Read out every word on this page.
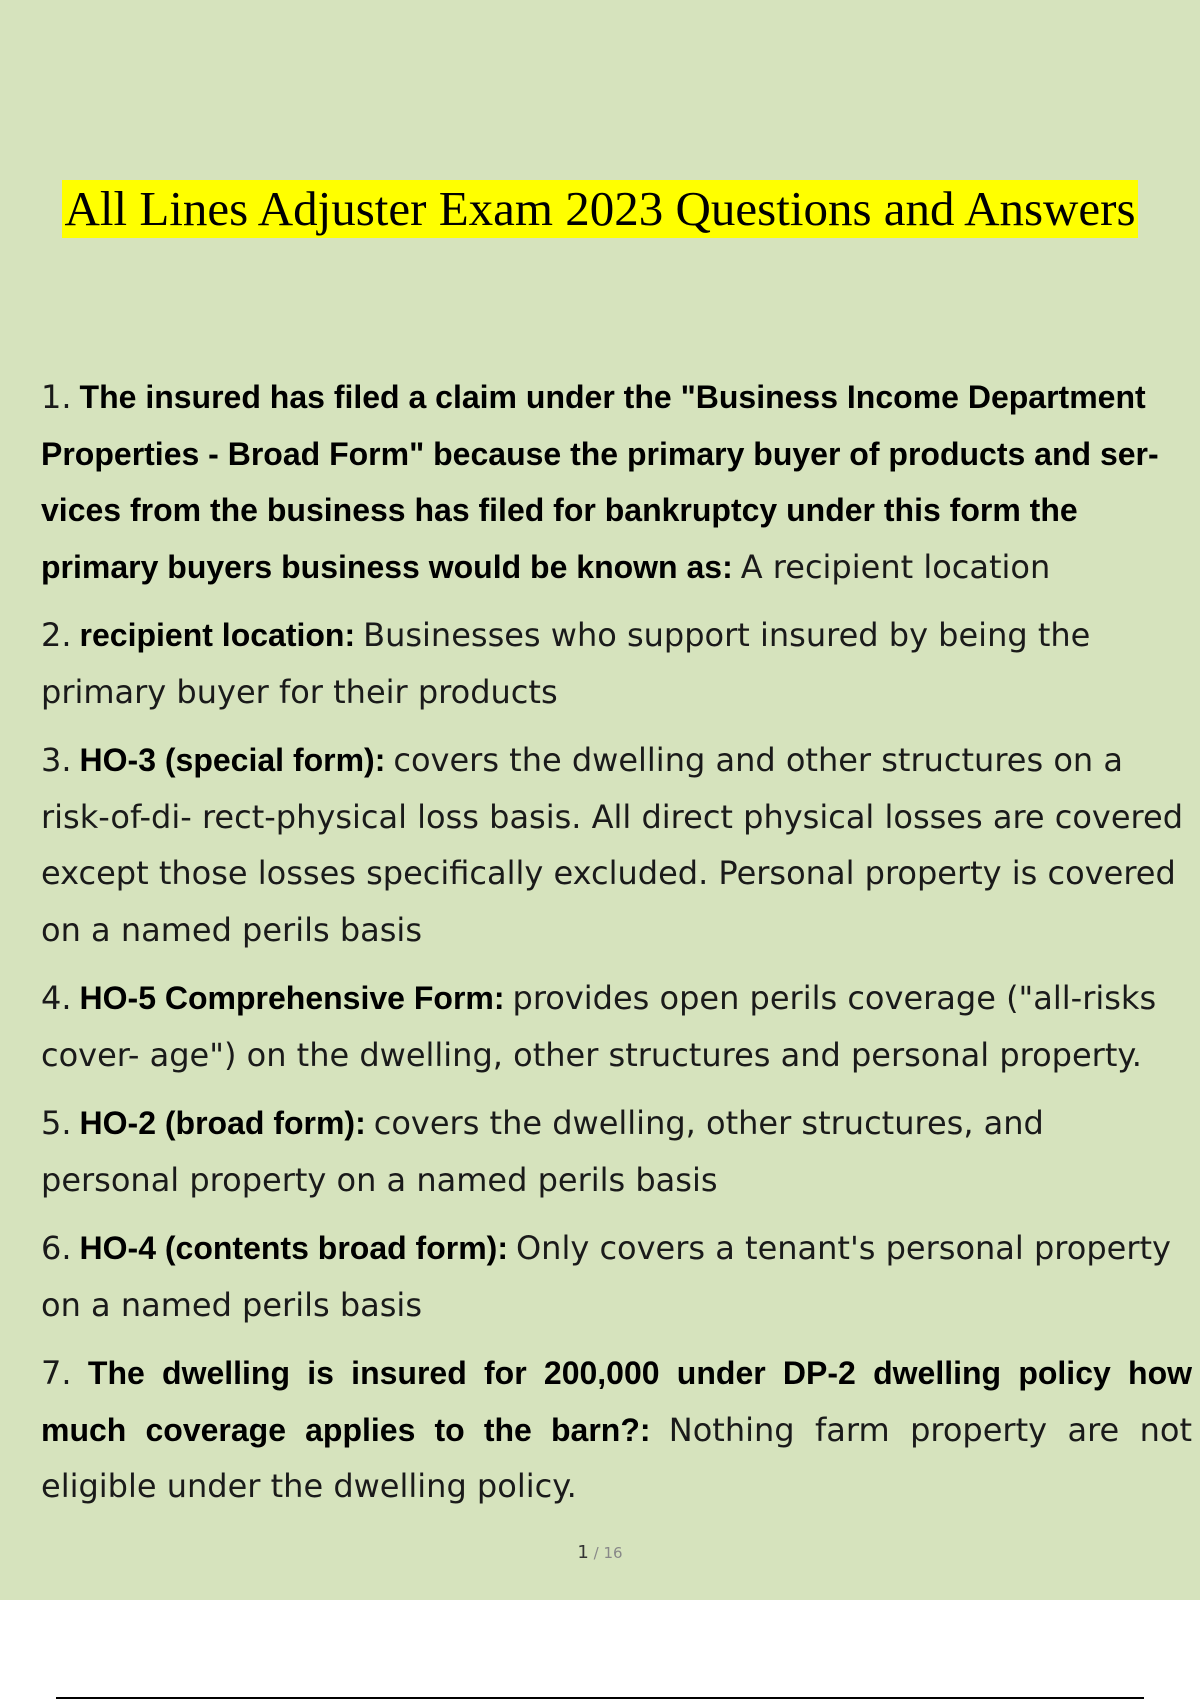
All Lines Adjuster Exam 2023 Questions and Answers

1. The insured has filed a claim under the "Business Income Department Properties - Broad Form" because the primary buyer of products and ser- vices from the business has filed for bankruptcy under this form the primary buyers business would be known as: A recipient location

2. recipient location: Businesses who support insured by being the primary buyer for their products

3. HO-3 (special form): covers the dwelling and other structures on a risk-of-di- rect-physical loss basis. All direct physical losses are covered except those losses specifically excluded. Personal property is covered on a named perils basis

4. HO-5 Comprehensive Form: provides open perils coverage ("all-risks cover- age") on the dwelling, other structures and personal property.

5. HO-2 (broad form): covers the dwelling, other structures, and personal property on a named perils basis

6. HO-4 (contents broad form): Only covers a tenant's personal property on a named perils basis

7. The dwelling is insured for 200,000 under DP-2 dwelling policy how much coverage applies to the barn?: Nothing farm property are not eligible under the dwelling policy.

1 / 16
